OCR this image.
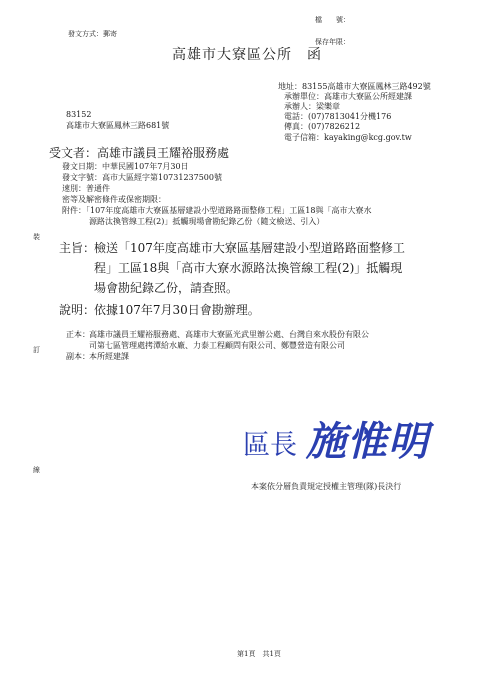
發文方式：郵寄
檔　　號：
保存年限：
高雄市大寮區公所　函
地址：83155高雄市大寮區鳳林三路492號
承辦單位：高雄市大寮區公所經建課
承辦人：梁樂章
電話：(07)7813041分機176
傳真：(07)7826212
電子信箱：kayaking@kcg.gov.tw
83152
高雄市大寮區鳳林三路681號
受文者：高雄市議員王耀裕服務處
發文日期：中華民國107年7月30日
發文字號：高市大區經字第10731237500號
速別：普通件
密等及解密條件或保密期限：
附件：「107年度高雄市大寮區基層建設小型道路路面整修工程」工區18與「高市大寮水
源路汰換管線工程(2)」抵觸現場會勘紀錄乙份（隨文檢送、引入）
裝
訂
線
主旨：
檢送「107年度高雄市大寮區基層建設小型道路路面整修工
程」工區18與「高市大寮水源路汰換管線工程(2)」抵觸現
場會勘紀錄乙份，請查照。
說明：
依據107年7月30日會勘辦理。
正本： 高雄市議員王耀裕服務處、高雄市大寮區光武里辦公處、台灣自來水股份有限公
司第七區管理處拷潭給水廠、力泰工程顧問有限公司、鄭豐營造有限公司
副本： 本所經建課
區長 施惟明
本案依分層負責規定授權主管理(隊)長決行
第1頁　共1頁
